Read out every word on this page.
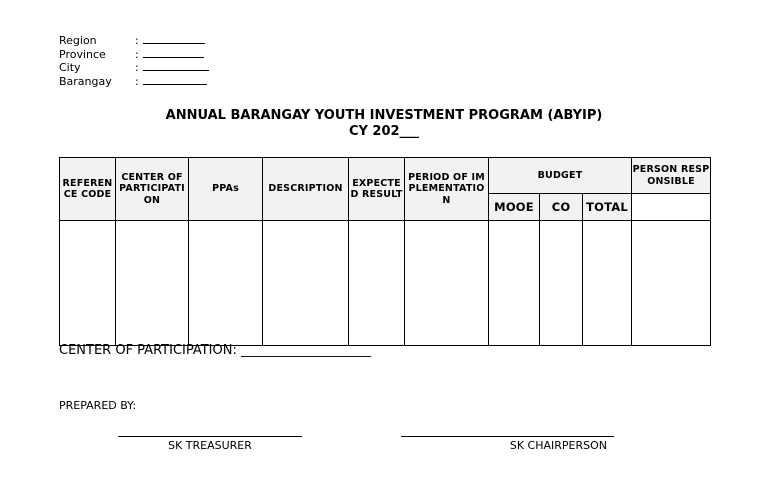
Region	:
Province	:
City	:
Barangay	:
ANNUAL BARANGAY YOUTH INVESTMENT PROGRAM (ABYIP)
CY 202___
REFERENCE CODE	CENTER OF PARTICIPATION	PPAs	DESCRIPTION	EXPECTED RESULT	PERIOD OF IMPLEMENTATION	BUDGET			PERSON RESPONSIBLE
						MOOE	CO	TOTAL	

CENTER OF PARTICIPATION: ____________________
PREPARED BY:
SK TREASURER	SK CHAIRPERSON
